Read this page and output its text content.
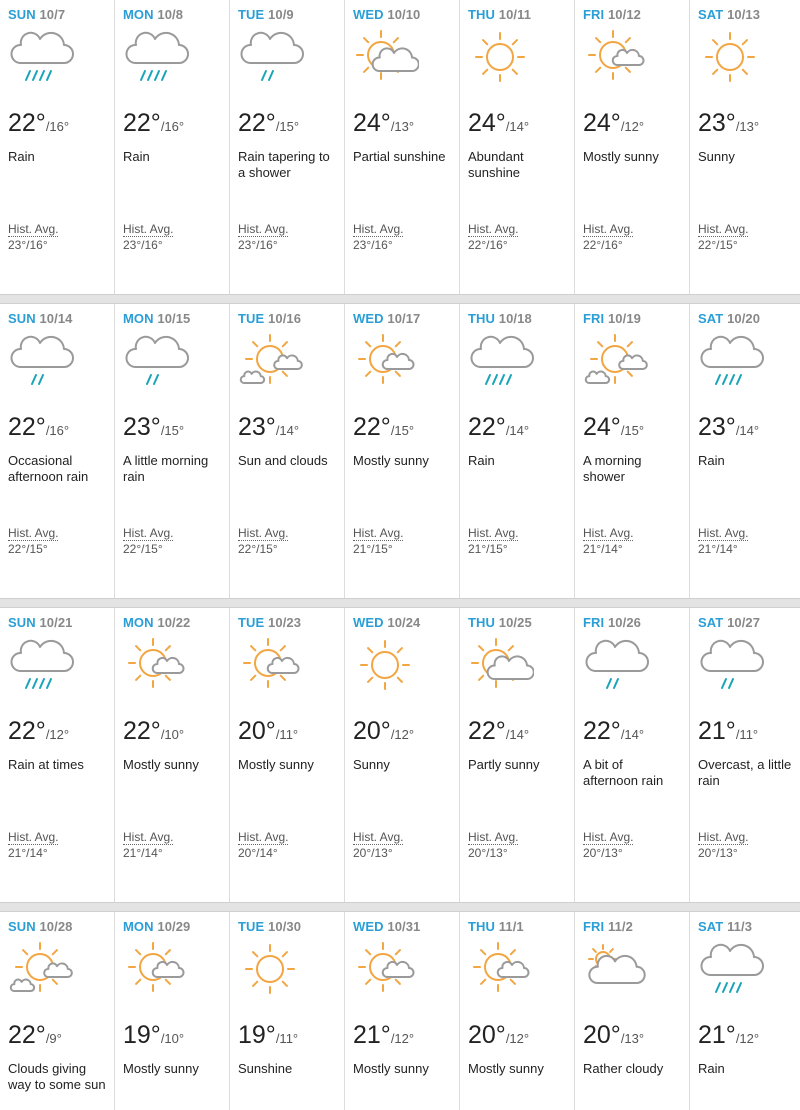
SUN 10/7
22°/16°
Rain
Hist. Avg.
23°/16°
MON 10/8
22°/16°
Rain
Hist. Avg.
23°/16°
TUE 10/9
22°/15°
Rain tapering to a shower
Hist. Avg.
23°/16°
WED 10/10
24°/13°
Partial sunshine
Hist. Avg.
23°/16°
THU 10/11
24°/14°
Abundant sunshine
Hist. Avg.
22°/16°
FRI 10/12
24°/12°
Mostly sunny
Hist. Avg.
22°/16°
SAT 10/13
23°/13°
Sunny
Hist. Avg.
22°/15°
SUN 10/14
22°/16°
Occasional afternoon rain
Hist. Avg.
22°/15°
MON 10/15
23°/15°
A little morning rain
Hist. Avg.
22°/15°
TUE 10/16
23°/14°
Sun and clouds
Hist. Avg.
22°/15°
WED 10/17
22°/15°
Mostly sunny
Hist. Avg.
21°/15°
THU 10/18
22°/14°
Rain
Hist. Avg.
21°/15°
FRI 10/19
24°/15°
A morning shower
Hist. Avg.
21°/14°
SAT 10/20
23°/14°
Rain
Hist. Avg.
21°/14°
SUN 10/21
22°/12°
Rain at times
Hist. Avg.
21°/14°
MON 10/22
22°/10°
Mostly sunny
Hist. Avg.
21°/14°
TUE 10/23
20°/11°
Mostly sunny
Hist. Avg.
20°/14°
WED 10/24
20°/12°
Sunny
Hist. Avg.
20°/13°
THU 10/25
22°/14°
Partly sunny
Hist. Avg.
20°/13°
FRI 10/26
22°/14°
A bit of afternoon rain
Hist. Avg.
20°/13°
SAT 10/27
21°/11°
Overcast, a little rain
Hist. Avg.
20°/13°
SUN 10/28
22°/9°
Clouds giving way to some sun
MON 10/29
19°/10°
Mostly sunny
TUE 10/30
19°/11°
Sunshine
WED 10/31
21°/12°
Mostly sunny
THU 11/1
20°/12°
Mostly sunny
FRI 11/2
20°/13°
Rather cloudy
SAT 11/3
21°/12°
Rain
